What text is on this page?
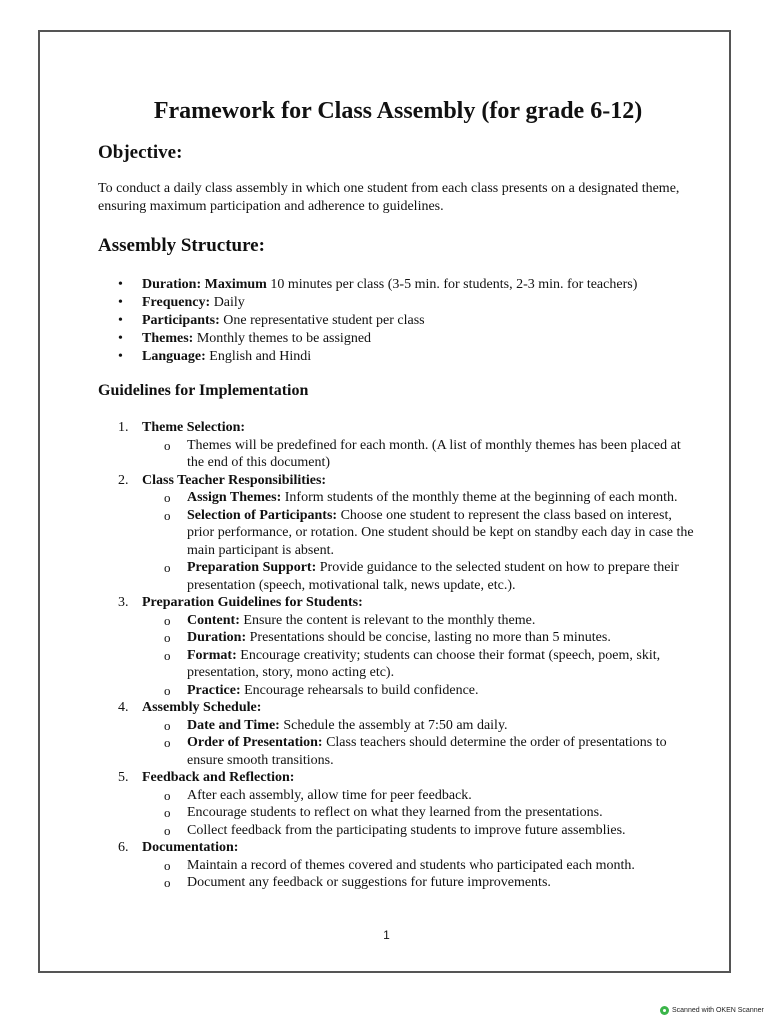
Framework for Class Assembly (for grade 6-12)
Objective:
To conduct a daily class assembly in which one student from each class presents on a designated theme, ensuring maximum participation and adherence to guidelines.
Assembly Structure:
• Duration: Maximum 10 minutes per class (3-5 min. for students, 2-3 min. for teachers)
• Frequency: Daily
• Participants: One representative student per class
• Themes: Monthly themes to be assigned
• Language: English and Hindi
Guidelines for Implementation
1. Theme Selection:
o Themes will be predefined for each month. (A list of monthly themes has been placed at the end of this document)
2. Class Teacher Responsibilities:
o Assign Themes: Inform students of the monthly theme at the beginning of each month.
o Selection of Participants: Choose one student to represent the class based on interest, prior performance, or rotation. One student should be kept on standby each day in case the main participant is absent.
o Preparation Support: Provide guidance to the selected student on how to prepare their presentation (speech, motivational talk, news update, etc.).
3. Preparation Guidelines for Students:
o Content: Ensure the content is relevant to the monthly theme.
o Duration: Presentations should be concise, lasting no more than 5 minutes.
o Format: Encourage creativity; students can choose their format (speech, poem, skit, presentation, story, mono acting etc).
o Practice: Encourage rehearsals to build confidence.
4. Assembly Schedule:
o Date and Time: Schedule the assembly at 7:50 am daily.
o Order of Presentation: Class teachers should determine the order of presentations to ensure smooth transitions.
5. Feedback and Reflection:
o After each assembly, allow time for peer feedback.
o Encourage students to reflect on what they learned from the presentations.
o Collect feedback from the participating students to improve future assemblies.
6. Documentation:
o Maintain a record of themes covered and students who participated each month.
o Document any feedback or suggestions for future improvements.
1
Scanned with OKEN Scanner
